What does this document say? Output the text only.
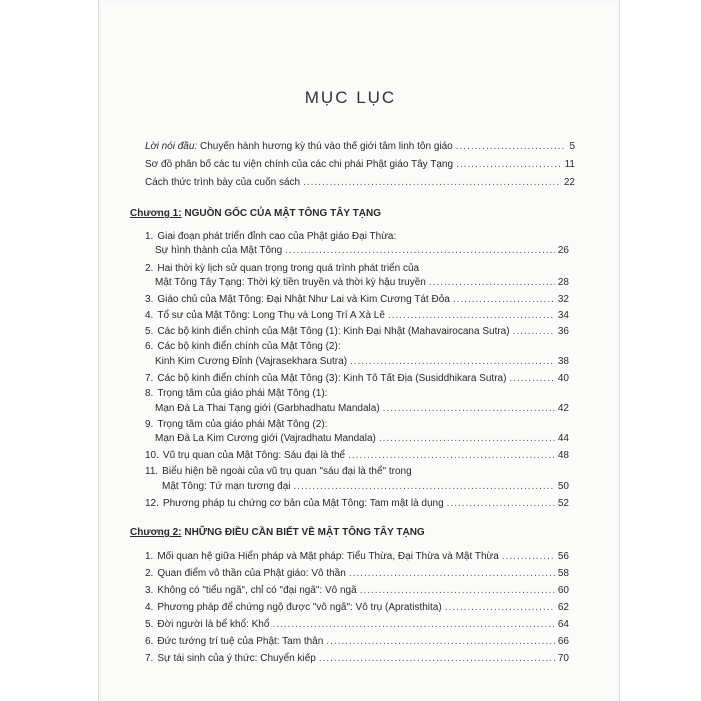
MỤC LỤC
Lời nói đầu: Chuyến hành hương kỳ thú vào thế giới tâm linh tôn giáo .....	5
Sơ đồ phân bố các tu viện chính của các chi phái Phật giáo Tây Tạng .....	11
Cách thức trình bày của cuốn sách .....	22
Chương 1: NGUỒN GỐC CỦA MẬT TÔNG TÂY TẠNG
1. Giai đoạn phát triển đỉnh cao của Phật giáo Đại Thừa:
Sự hình thành của Mật Tông .....	26
2. Hai thời kỳ lịch sử quan trọng trong quá trình phát triển của
Mật Tông Tây Tạng: Thời kỳ tiền truyền và thời kỳ hậu truyền .....	28
3. Giáo chủ của Mật Tông: Đại Nhật Như Lai và Kim Cương Tát Đỏa .....	32
4. Tổ sư của Mật Tông: Long Thụ và Long Trí A Xà Lê .....	34
5. Các bộ kinh điển chính của Mật Tông (1): Kinh Đại Nhật (Mahavairocana Sutra) .....	36
6. Các bộ kinh điển chính của Mật Tông (2):
Kinh Kim Cương Đỉnh (Vajrasekhara Sutra) .....	38
7. Các bộ kinh điển chính của Mật Tông (3): Kinh Tô Tất Địa (Susiddhikara Sutra) .....	40
8. Trọng tâm của giáo phái Mật Tông (1):
Mạn Đà La Thai Tạng giới (Garbhadhatu Mandala) .....	42
9. Trọng tâm của giáo phái Mật Tông (2):
Mạn Đà La Kim Cương giới (Vajradhatu Mandala) .....	44
10. Vũ trụ quan của Mật Tông: Sáu đại là thể .....	48
11. Biểu hiện bề ngoài của vũ trụ quan "sáu đại là thể" trong
Mật Tông: Tứ mạn tương đại .....	50
12. Phương pháp tu chứng cơ bản của Mật Tông: Tam mật là dụng .....	52
Chương 2: NHỮNG ĐIỀU CẦN BIẾT VỀ MẬT TÔNG TÂY TẠNG
1. Mối quan hệ giữa Hiển pháp và Mật pháp: Tiểu Thừa, Đại Thừa và Mật Thừa .....	56
2. Quan điểm vô thần của Phật giáo: Vô thần .....	58
3. Không có "tiểu ngã", chỉ có "đại ngã": Vô ngã .....	60
4. Phương pháp để chứng ngộ được "vô ngã": Vô trụ (Apratisthita) .....	62
5. Đời người là bể khổ: Khổ .....	64
6. Đức tướng trí tuệ của Phật: Tam thân .....	66
7. Sự tái sinh của ý thức: Chuyển kiếp .....	70
